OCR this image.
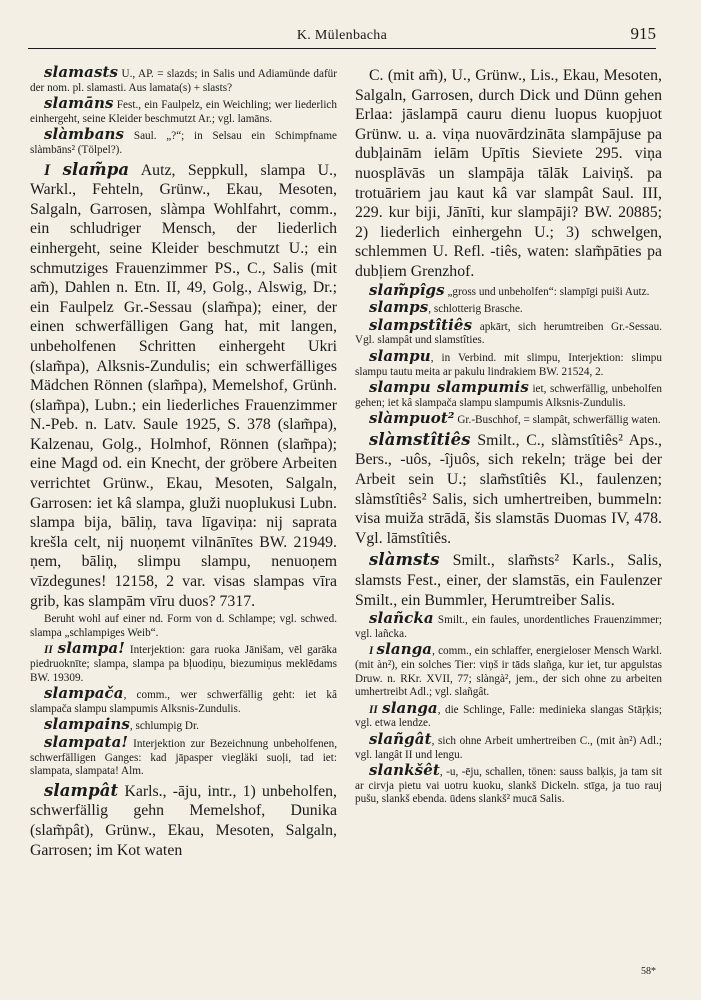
K. Mülenbacha	915

slamasts U., AP. = slazds; in Salis und Adiamünde dafür der nom. pl. slamasti. Aus lamata(s) + slasts?

slamāns Fest., ein Faulpelz, ein Weichling; wer liederlich einhergeht, seine Kleider beschmutzt Ar.; vgl. lamāns.

slàmbans Saul. „?“; in Selsau ein Schimpfname slàmbāns² (Tölpel?).

I slam̃pa Autz, Seppkull, slampa U., Warkl., Fehteln, Grünw., Ekau, Mesoten, Salgaln, Garrosen, slàmpa Wohlfahrt, comm., ein schludriger Mensch, der liederlich einhergeht, seine Kleider beschmutzt U.; ein schmutziges Frauenzimmer PS., C., Salis (mit am̃), Dahlen n. Etn. II, 49, Golg., Alswig, Dr.; ein Faulpelz Gr.-Sessau (slam̃pa); einer, der einen schwerfälligen Gang hat, mit langen, unbeholfenen Schritten einhergeht Ukri (slam̃pa), Alksnis-Zundulis; ein schwerfälliges Mädchen Rönnen (slam̃pa), Memelshof, Grünh. (slam̃pa), Lubn.; ein liederliches Frauenzimmer N.-Peb. n. Latv. Saule 1925, S. 378 (slam̃pa), Kalzenau, Golg., Holmhof, Rönnen (slam̃pa); eine Magd od. ein Knecht, der gröbere Arbeiten verrichtet Grünw., Ekau, Mesoten, Salgaln, Garrosen: iet kâ slampa, gluži nuoplukusi Lubn. slampa bija, bāliņ, tava līgaviņa: nij saprata krešla celt, nij nuoņemt vilnānītes BW. 21949. ņem, bāliņ, slimpu slampu, nenuoņem vīzdegunes! 12158, 2 var. visas slampas vīra grib, kas slampām vīru duos? 7317.

Beruht wohl auf einer nd. Form von d. Schlampe; vgl. schwed. slampa „schlampiges Weib“.

II slampa! Interjektion: gara ruoka Jānišam, vēl garāka piedruoknīte; slampa, slampa pa bļuodiņu, biezumiņus meklēdams BW. 19309.

slampača, comm., wer schwerfällig geht: iet kâ slampača slampu slampumis Alksnis-Zundulis.

slampains, schlumpig Dr.

slampata! Interjektion zur Bezeichnung unbeholfenen, schwerfälligen Ganges: kad jāpasper viegläki suoļi, tad iet: slampata, slampata! Alm.

slampât Karls., -āju, intr., 1) unbeholfen, schwerfällig gehn Memelshof, Dunika (slam̃pât), Grünw., Ekau, Mesoten, Salgaln, Garrosen; im Kot waten

C. (mit am̃), U., Grünw., Lis., Ekau, Mesoten, Salgaln, Garrosen, durch Dick und Dünn gehen Erlaa: jāslampā cauru dienu luopus kuopjuot Grünw. u. a. viņa nuovārdzināta slampājuse pa dubļainām ielām Upītis Sieviete 295. viņa nuosplāvās un slampāja tālāk Laiviņš. pa trotuāriem jau kaut kâ var slampât Saul. III, 229. kur biji, Jānīti, kur slampāji? BW. 20885; 2) liederlich einhergehn U.; 3) schwelgen, schlemmen U. Refl. -tiês, waten: slam̃pāties pa dubļiem Grenzhof.

slam̃pîgs „gross und unbeholfen“: slampīgi puiši Autz.

slamps, schlotterig Brasche.

slampstîtiês apkārt, sich herumtreiben Gr.-Sessau. Vgl. slampât und slamstîties.

slampu, in Verbind. mit slimpu, Interjektion: slimpu slampu tautu meita ar pakulu lindrakiem BW. 21524, 2.

slampu slampumis iet, schwerfällig, unbeholfen gehen; iet kâ slampača slampu slampumis Alksnis-Zundulis.

slàmpuot² Gr.-Buschhof, = slampât, schwerfällig waten.

slàmstîtiês Smilt., C., slàmstîtiês² Aps., Bers., -uôs, -îjuôs, sich rekeln; träge bei der Arbeit sein U.; slam̃stîtiês Kl., faulenzen; slàmstîtiês² Salis, sich umhertreiben, bummeln: visa muiža strādā, šis slamstās Duomas IV, 478. Vgl. lāmstîtiês.

slàmsts Smilt., slam̃sts² Karls., Salis, slamsts Fest., einer, der slamstās, ein Faulenzer Smilt., ein Bummler, Herumtreiber Salis.

slañcka Smilt., ein faules, unordentliches Frauenzimmer; vgl. lañcka.

I slanga, comm., ein schlaffer, energieloser Mensch Warkl. (mit àn²), ein solches Tier: viņš ir tāds slañga, kur iet, tur apgulstas Druw. n. RKr. XVII, 77; slàngà², jem., der sich ohne zu arbeiten umhertreibt Adl.; vgl. slañgât.

II slanga, die Schlinge, Falle: medinieka slangas Stāŗķis; vgl. etwa lendze.

slañgât, sich ohne Arbeit umhertreiben C., (mit àn²) Adl.; vgl. langât II und lengu.

slankšêt, -u, -ēju, schallen, tönen: sauss balķis, ja tam sit ar cirvja pietu vai uotru kuoku, slankš Dickeln. stīga, ja tuo rauj pušu, slankš ebenda. ūdens slankš² mucā Salis.

58*
